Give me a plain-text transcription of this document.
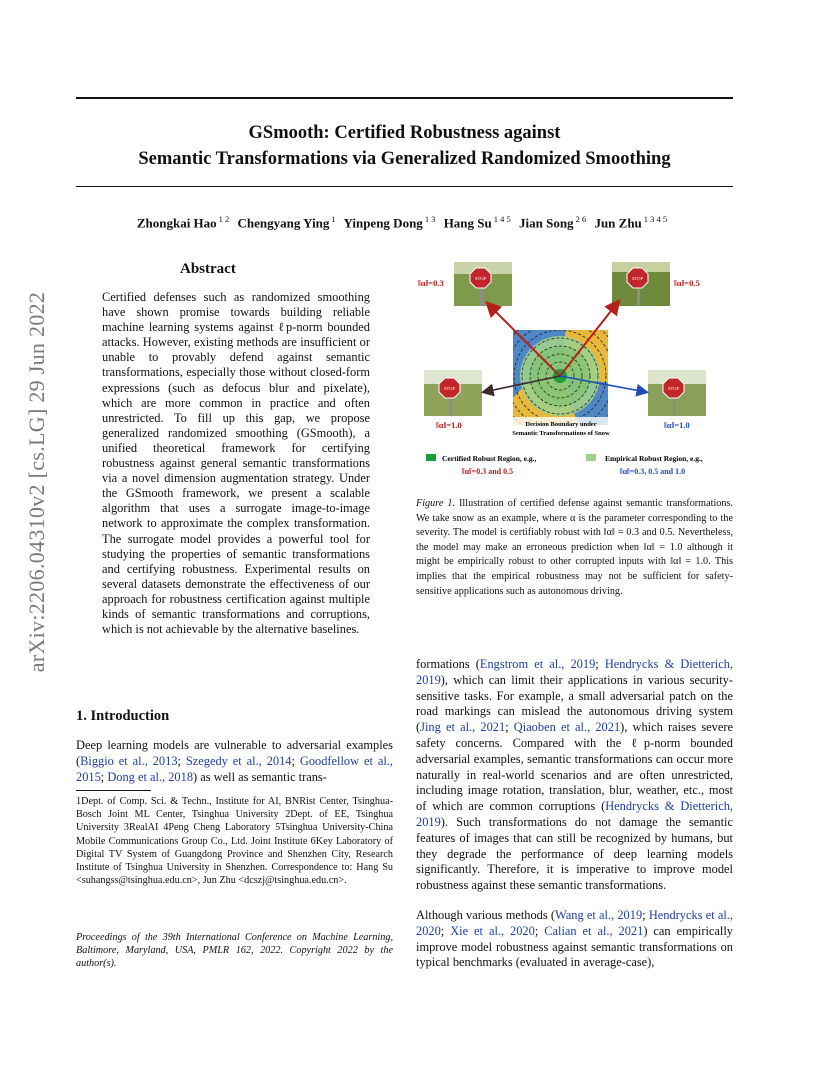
GSmooth: Certified Robustness against
Semantic Transformations via Generalized Randomized Smoothing
Zhongkai Hao $^{1 2}$ Chengyang Ying $^1$ Yinpeng Dong $^{1 3}$ Hang Su $^{1 4 5}$ Jian Song $^{2 6}$ Jun Zhu $^{1 3 4 5}$
arXiv:2206.04310v2 [cs.LG] 29 Jun 2022
Abstract
Certified defenses such as randomized smoothing have shown promise towards building reliable machine learning systems against ℓp-norm bounded attacks. However, existing methods are insufficient or unable to provably defend against semantic transformations, especially those without closed-form expressions (such as defocus blur and pixelate), which are more common in practice and often unrestricted. To fill up this gap, we propose generalized randomized smoothing (GSmooth), a unified theoretical framework for certifying robustness against general semantic transformations via a novel dimension augmentation strategy. Under the GSmooth framework, we present a scalable algorithm that uses a surrogate image-to-image network to approximate the complex transformation. The surrogate model provides a powerful tool for studying the properties of semantic transformations and certifying robustness. Experimental results on several datasets demonstrate the effectiveness of our approach for robustness certification against multiple kinds of semantic transformations and corruptions, which is not achievable by the alternative baselines.
1. Introduction
Deep learning models are vulnerable to adversarial examples (Biggio et al., 2013; Szegedy et al., 2014; Goodfellow et al., 2015; Dong et al., 2018) as well as semantic trans-
1Dept. of Comp. Sci. & Techn., Institute for AI, BNRist Center, Tsinghua-Bosch Joint ML Center, Tsinghua University 2Dept. of EE, Tsinghua University 3RealAI 4Peng Cheng Laboratory 5Tsinghua University-China Mobile Communications Group Co., Ltd. Joint Institute 6Key Laboratory of Digital TV System of Guangdong Province and Shenzhen City, Research Institute of Tsinghua University in Shenzhen. Correspondence to: Hang Su <suhangss@tsinghua.edu.cn>, Jun Zhu <dcszj@tsinghua.edu.cn>.
Proceedings of the 39th International Conference on Machine Learning, Baltimore, Maryland, USA, PMLR 162, 2022. Copyright 2022 by the author(s).
STOP
‖α‖=0.3	STOP	‖α‖=0.5
STOP
‖α‖=1.0
STOP
‖α‖=1.0
Decision Boundary under
Semantic Transformations of Snow
Certified Robust Region, e.g.,
‖α‖=0.3 and 0.5
Empirical Robust Region, e.g.,
‖α‖=0.3, 0.5 and 1.0
Figure 1. Illustration of certified defense against semantic transformations. We take snow as an example, where α is the parameter corresponding to the severity. The model is certifiably robust with ‖α‖ = 0.3 and 0.5. Nevertheless, the model may make an erroneous prediction when ‖α‖ = 1.0 although it might be empirically robust to other corrupted inputs with ‖α‖ = 1.0. This implies that the empirical robustness may not be sufficient for safety-sensitive applications such as autonomous driving.
formations (Engstrom et al., 2019; Hendrycks & Dietterich, 2019), which can limit their applications in various security-sensitive tasks. For example, a small adversarial patch on the road markings can mislead the autonomous driving system (Jing et al., 2021; Qiaoben et al., 2021), which raises severe safety concerns. Compared with the ℓp-norm bounded adversarial examples, semantic transformations can occur more naturally in real-world scenarios and are often unrestricted, including image rotation, translation, blur, weather, etc., most of which are common corruptions (Hendrycks & Dietterich, 2019). Such transformations do not damage the semantic features of images that can still be recognized by humans, but they degrade the performance of deep learning models significantly. Therefore, it is imperative to improve model robustness against these semantic transformations.
Although various methods (Wang et al., 2019; Hendrycks et al., 2020; Xie et al., 2020; Calian et al., 2021) can empirically improve model robustness against semantic transformations on typical benchmarks (evaluated in average-case),
